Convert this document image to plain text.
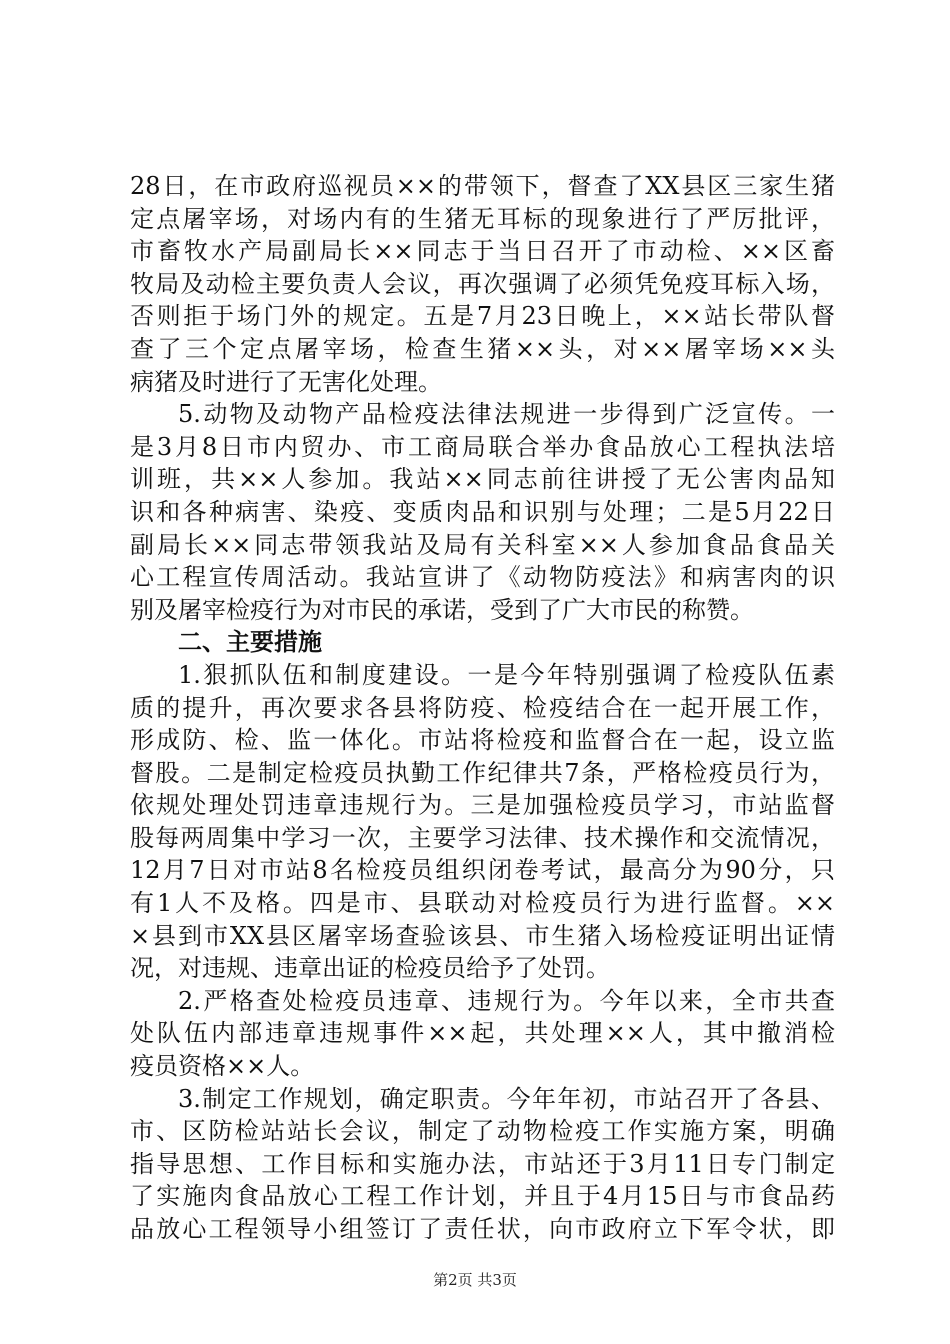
28日，在市政府巡视员××的带领下，督查了XX县区三家生猪
定点屠宰场，对场内有的生猪无耳标的现象进行了严厉批评，
市畜牧水产局副局长××同志于当日召开了市动检、××区畜
牧局及动检主要负责人会议，再次强调了必须凭免疫耳标入场，
否则拒于场门外的规定。五是7月23日晚上，××站长带队督
查了三个定点屠宰场，检查生猪××头，对××屠宰场××头
病猪及时进行了无害化处理。
5.动物及动物产品检疫法律法规进一步得到广泛宣传。一
是3月8日市内贸办、市工商局联合举办食品放心工程执法培
训班，共××人参加。我站××同志前往讲授了无公害肉品知
识和各种病害、染疫、变质肉品和识别与处理；二是5月22日
副局长××同志带领我站及局有关科室××人参加食品食品关
心工程宣传周活动。我站宣讲了《动物防疫法》和病害肉的识
别及屠宰检疫行为对市民的承诺，受到了广大市民的称赞。
二、主要措施
1.狠抓队伍和制度建设。一是今年特别强调了检疫队伍素
质的提升，再次要求各县将防疫、检疫结合在一起开展工作，
形成防、检、监一体化。市站将检疫和监督合在一起，设立监
督股。二是制定检疫员执勤工作纪律共7条，严格检疫员行为，
依规处理处罚违章违规行为。三是加强检疫员学习，市站监督
股每两周集中学习一次，主要学习法律、技术操作和交流情况，
12月7日对市站8名检疫员组织闭卷考试，最高分为90分，只
有1人不及格。四是市、县联动对检疫员行为进行监督。××
×县到市XX县区屠宰场查验该县、市生猪入场检疫证明出证情
况，对违规、违章出证的检疫员给予了处罚。
2.严格查处检疫员违章、违规行为。今年以来，全市共查
处队伍内部违章违规事件××起，共处理××人，其中撤消检
疫员资格××人。
3.制定工作规划，确定职责。今年年初，市站召开了各县、
市、区防检站站长会议，制定了动物检疫工作实施方案，明确
指导思想、工作目标和实施办法，市站还于3月11日专门制定
了实施肉食品放心工程工作计划，并且于4月15日与市食品药
品放心工程领导小组签订了责任状，向市政府立下军令状，即
第2页 共3页
